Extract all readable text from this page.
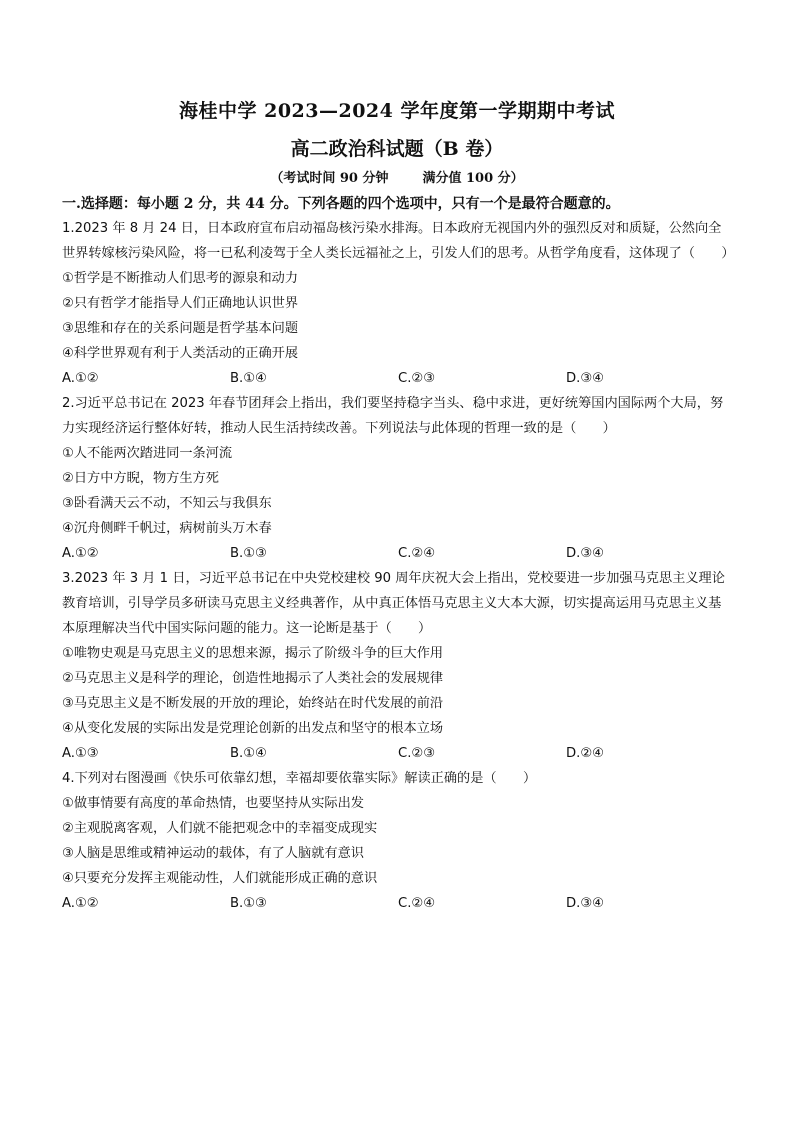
海桂中学 2023—2024 学年度第一学期期中考试
高二政治科试题（B 卷）
（考试时间 90 分钟	满分值 100 分）
一.选择题：每小题 2 分，共 44 分。下列各题的四个选项中，只有一个是最符合题意的。
1.2023 年 8 月 24 日，日本政府宣布启动福岛核污染水排海。日本政府无视国内外的强烈反对和质疑，公然向全世界转嫁核污染风险，将一已私利凌驾于全人类长远福祉之上，引发人们的思考。从哲学角度看，这体现了（　　）
①哲学是不断推动人们思考的源泉和动力
②只有哲学才能指导人们正确地认识世界
③思维和存在的关系问题是哲学基本问题
④科学世界观有利于人类活动的正确开展
A.①②	B.①④	C.②③	D.③④
2.习近平总书记在 2023 年春节团拜会上指出，我们要坚持稳字当头、稳中求进，更好统筹国内国际两个大局，努力实现经济运行整体好转，推动人民生活持续改善。下列说法与此体现的哲理一致的是（　　）
①人不能两次踏进同一条河流
②日方中方睨，物方生方死
③卧看满天云不动，不知云与我俱东
④沉舟侧畔千帆过，病树前头万木春
A.①②	B.①③	C.②④	D.③④
3.2023 年 3 月 1 日，习近平总书记在中央党校建校 90 周年庆祝大会上指出，党校要进一步加强马克思主义理论教育培训，引导学员多研读马克思主义经典著作，从中真正体悟马克思主义大本大源，切实提高运用马克思主义基本原理解决当代中国实际问题的能力。这一论断是基于（　　）
①唯物史观是马克思主义的思想来源，揭示了阶级斗争的巨大作用
②马克思主义是科学的理论，创造性地揭示了人类社会的发展规律
③马克思主义是不断发展的开放的理论，始终站在时代发展的前沿
④从变化发展的实际出发是党理论创新的出发点和坚守的根本立场
A.①③	B.①④	C.②③	D.②④
4.下列对右图漫画《快乐可依靠幻想，幸福却要依靠实际》解读正确的是（　　）
①做事情要有高度的革命热情，也要坚持从实际出发
②主观脱离客观，人们就不能把观念中的幸福变成现实
③人脑是思维或精神运动的载体，有了人脑就有意识
④只要充分发挥主观能动性，人们就能形成正确的意识
A.①②	B.①③	C.②④	D.③④
